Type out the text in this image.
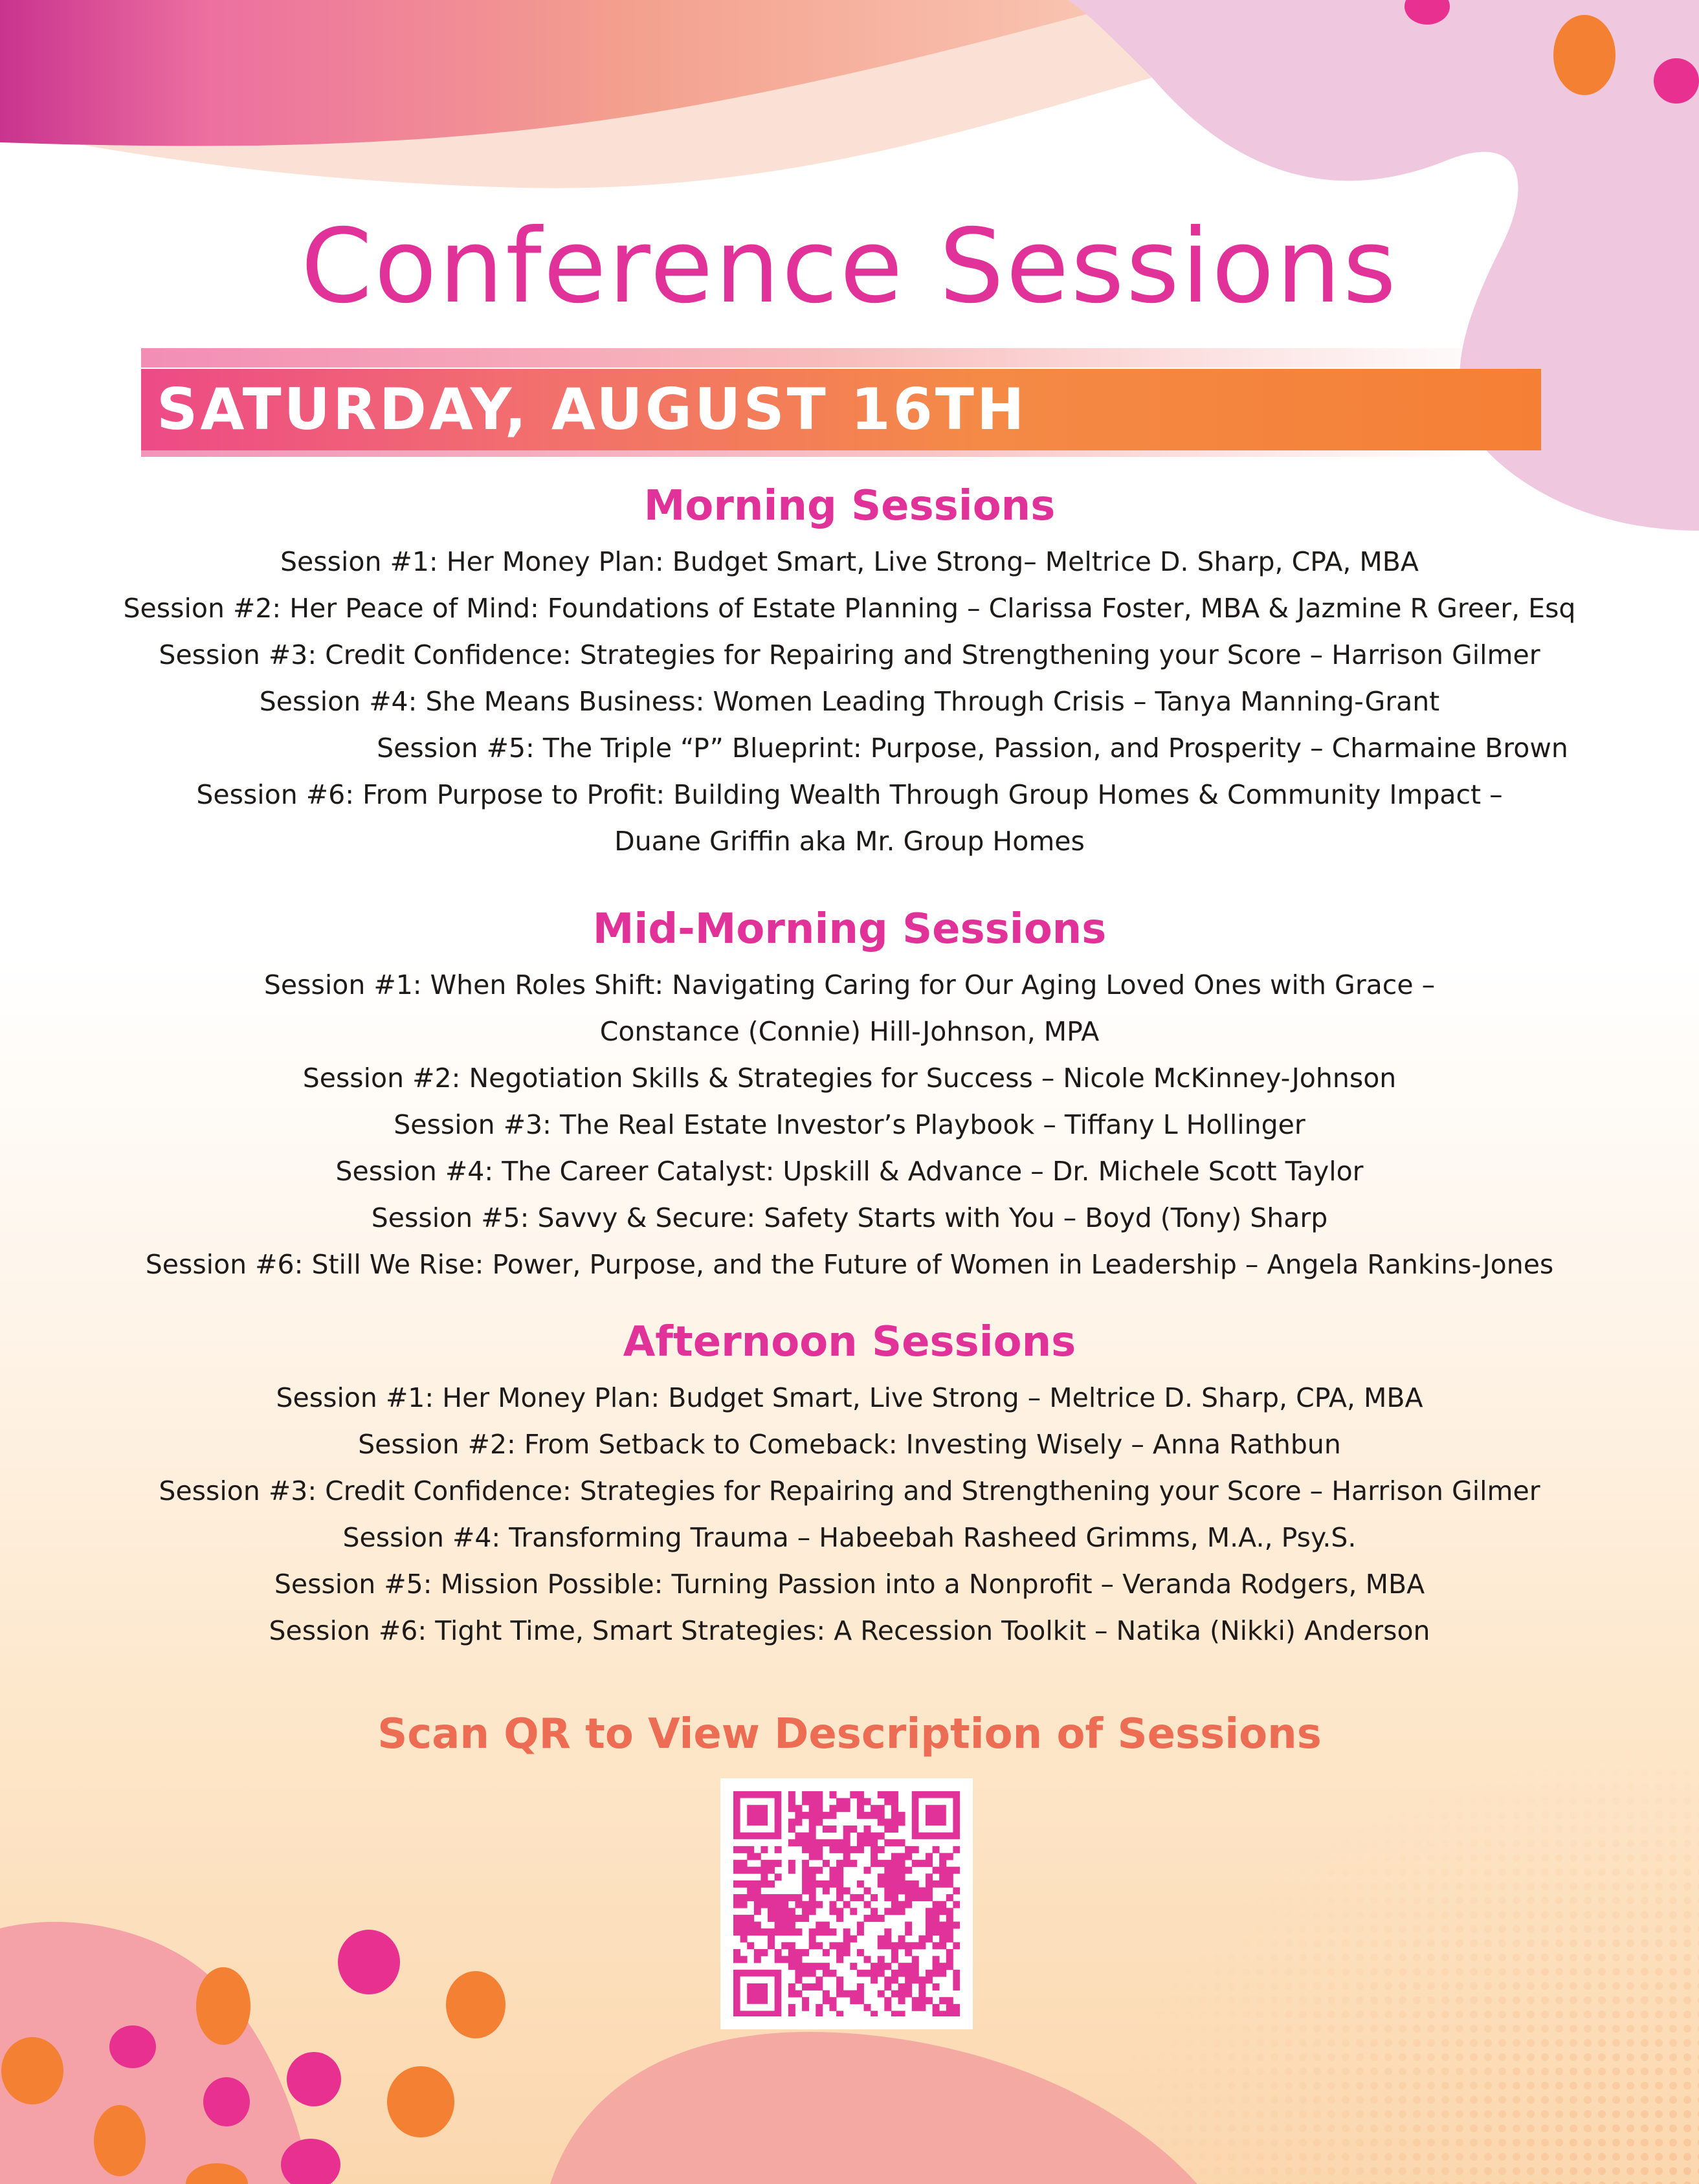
Conference Sessions

SATURDAY, AUGUST 16TH

Morning Sessions
Session #1: Her Money Plan: Budget Smart, Live Strong– Meltrice D. Sharp, CPA, MBA
Session #2: Her Peace of Mind: Foundations of Estate Planning – Clarissa Foster, MBA & Jazmine R Greer, Esq
Session #3: Credit Confidence: Strategies for Repairing and Strengthening your Score – Harrison Gilmer
Session #4: She Means Business: Women Leading Through Crisis – Tanya Manning-Grant
Session #5: The Triple “P” Blueprint: Purpose, Passion, and Prosperity – Charmaine Brown
Session #6: From Purpose to Profit: Building Wealth Through Group Homes & Community Impact –
Duane Griffin aka Mr. Group Homes
Mid-Morning Sessions
Session #1: When Roles Shift: Navigating Caring for Our Aging Loved Ones with Grace –
Constance (Connie) Hill-Johnson, MPA
Session #2: Negotiation Skills & Strategies for Success – Nicole McKinney-Johnson
Session #3: The Real Estate Investor’s Playbook – Tiffany L Hollinger
Session #4: The Career Catalyst: Upskill & Advance – Dr. Michele Scott Taylor
Session #5: Savvy & Secure: Safety Starts with You – Boyd (Tony) Sharp
Session #6: Still We Rise: Power, Purpose, and the Future of Women in Leadership – Angela Rankins-Jones
Afternoon Sessions
Session #1: Her Money Plan: Budget Smart, Live Strong – Meltrice D. Sharp, CPA, MBA
Session #2: From Setback to Comeback: Investing Wisely – Anna Rathbun
Session #3: Credit Confidence: Strategies for Repairing and Strengthening your Score – Harrison Gilmer
Session #4: Transforming Trauma – Habeebah Rasheed Grimms, M.A., Psy.S.
Session #5: Mission Possible: Turning Passion into a Nonprofit – Veranda Rodgers, MBA
Session #6: Tight Time, Smart Strategies: A Recession Toolkit – Natika (Nikki) Anderson
Scan QR to View Description of Sessions
